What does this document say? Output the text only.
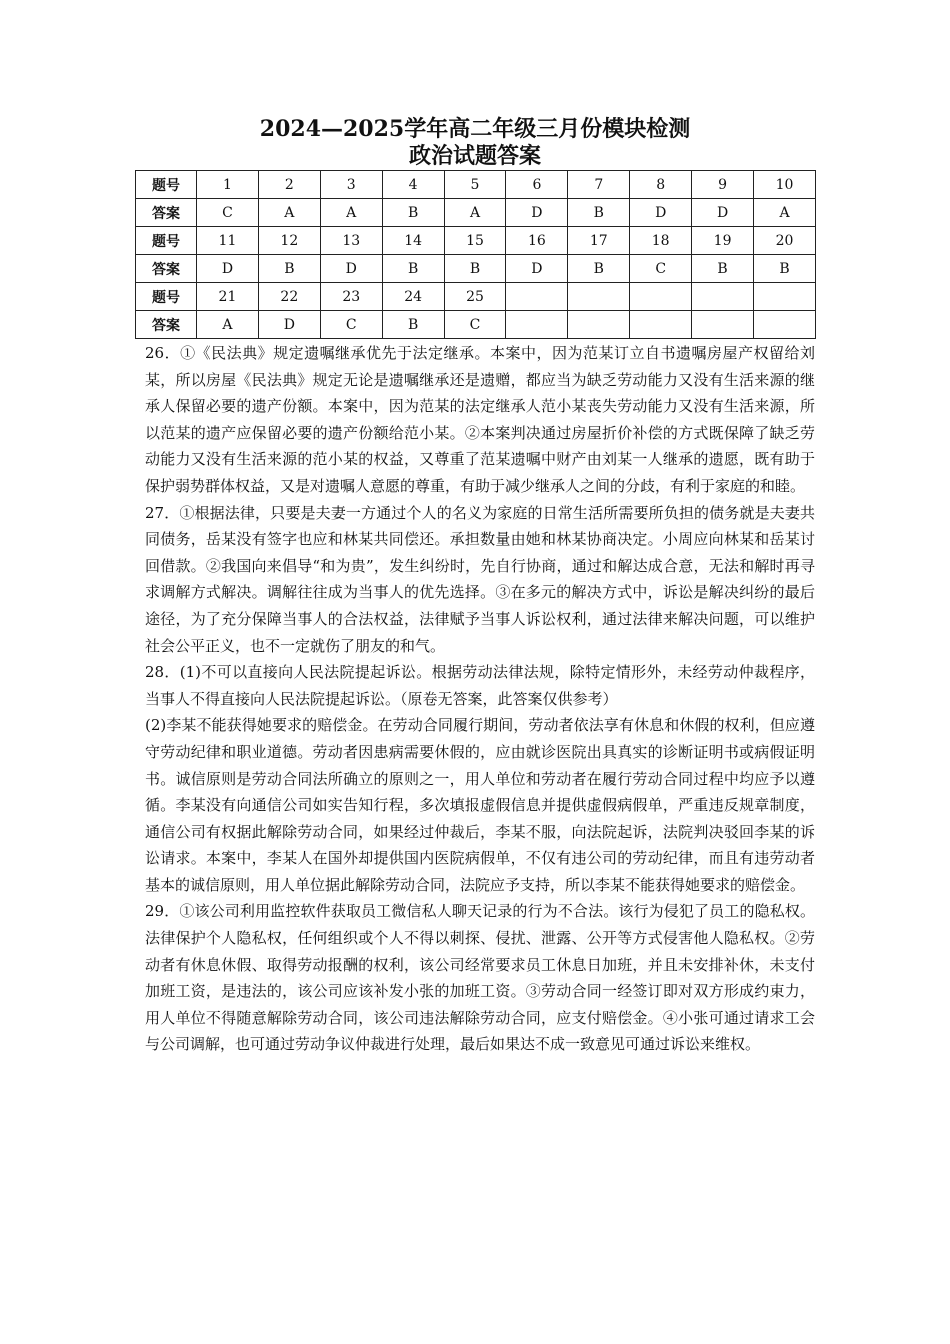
2024—2025学年高二年级三月份模块检测
政治试题答案
题号	1	2	3	4	5	6	7	8	9	10
答案	C	A	A	B	A	D	B	D	D	A
题号	11	12	13	14	15	16	17	18	19	20
答案	D	B	D	B	B	D	B	C	B	B
题号	21	22	23	24	25					
答案	A	D	C	B	C					

26．①《民法典》规定遗嘱继承优先于法定继承。本案中，因为范某订立自书遗嘱房屋产权留给刘某，所以房屋《民法典》规定无论是遗嘱继承还是遗赠，都应当为缺乏劳动能力又没有生活来源的继承人保留必要的遗产份额。本案中，因为范某的法定继承人范小某丧失劳动能力又没有生活来源，所以范某的遗产应保留必要的遗产份额给范小某。②本案判决通过房屋折价补偿的方式既保障了缺乏劳动能力又没有生活来源的范小某的权益，又尊重了范某遗嘱中财产由刘某一人继承的遗愿，既有助于保护弱势群体权益，又是对遗嘱人意愿的尊重，有助于减少继承人之间的分歧，有利于家庭的和睦。

27．①根据法律，只要是夫妻一方通过个人的名义为家庭的日常生活所需要所负担的债务就是夫妻共同债务，岳某没有签字也应和林某共同偿还。承担数量由她和林某协商决定。小周应向林某和岳某讨回借款。②我国向来倡导“和为贵”，发生纠纷时，先自行协商，通过和解达成合意，无法和解时再寻求调解方式解决。调解往往成为当事人的优先选择。③在多元的解决方式中，诉讼是解决纠纷的最后途径，为了充分保障当事人的合法权益，法律赋予当事人诉讼权利，通过法律来解决问题，可以维护社会公平正义，也不一定就伤了朋友的和气。

28．(1)不可以直接向人民法院提起诉讼。根据劳动法律法规，除特定情形外，未经劳动仲裁程序，当事人不得直接向人民法院提起诉讼。（原卷无答案，此答案仅供参考）

(2)李某不能获得她要求的赔偿金。在劳动合同履行期间，劳动者依法享有休息和休假的权利，但应遵守劳动纪律和职业道德。劳动者因患病需要休假的，应由就诊医院出具真实的诊断证明书或病假证明书。诚信原则是劳动合同法所确立的原则之一，用人单位和劳动者在履行劳动合同过程中均应予以遵循。李某没有向通信公司如实告知行程，多次填报虚假信息并提供虚假病假单，严重违反规章制度，通信公司有权据此解除劳动合同，如果经过仲裁后，李某不服，向法院起诉，法院判决驳回李某的诉讼请求。本案中，李某人在国外却提供国内医院病假单，不仅有违公司的劳动纪律，而且有违劳动者基本的诚信原则，用人单位据此解除劳动合同，法院应予支持，所以李某不能获得她要求的赔偿金。

29．①该公司利用监控软件获取员工微信私人聊天记录的行为不合法。该行为侵犯了员工的隐私权。法律保护个人隐私权，任何组织或个人不得以刺探、侵扰、泄露、公开等方式侵害他人隐私权。②劳动者有休息休假、取得劳动报酬的权利，该公司经常要求员工休息日加班，并且未安排补休，未支付加班工资，是违法的，该公司应该补发小张的加班工资。③劳动合同一经签订即对双方形成约束力，用人单位不得随意解除劳动合同，该公司违法解除劳动合同，应支付赔偿金。④小张可通过请求工会与公司调解，也可通过劳动争议仲裁进行处理，最后如果达不成一致意见可通过诉讼来维权。
